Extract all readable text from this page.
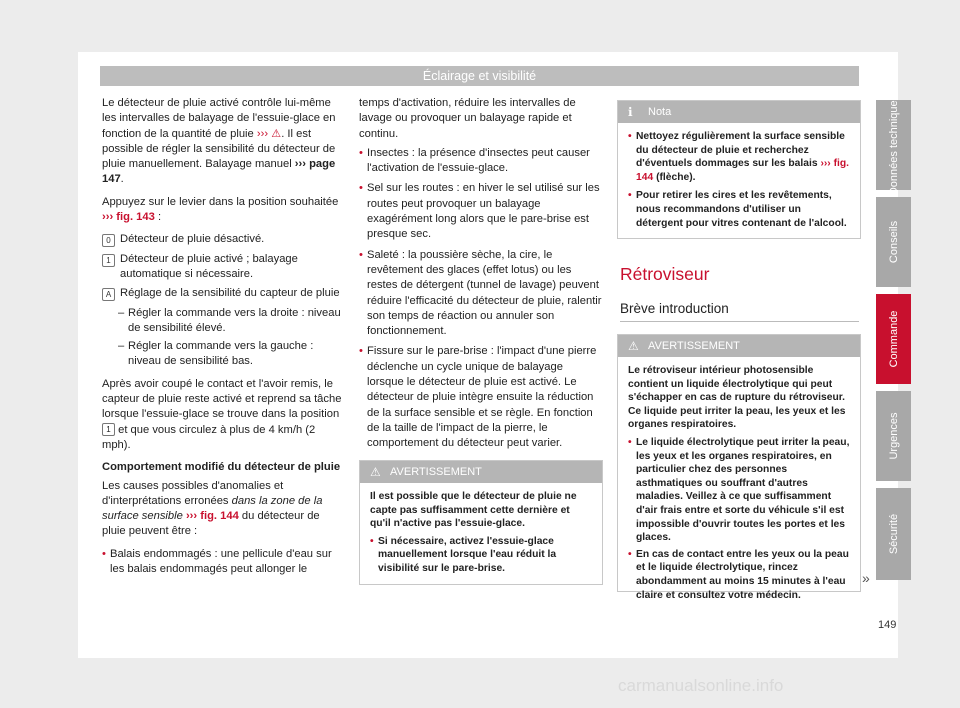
Éclairage et visibilité

Le détecteur de pluie activé contrôle lui-même les intervalles de balayage de l'essuie-glace en fonction de la quantité de pluie ››› ⚠. Il est possible de régler la sensibilité du détecteur de pluie manuellement. Balayage manuel ››› page 147.

Appuyez sur le levier dans la position souhaitée ››› fig. 143 :

0 Détecteur de pluie désactivé.
1 Détecteur de pluie activé ; balayage automatique si nécessaire.
A Réglage de la sensibilité du capteur de pluie
– Régler la commande vers la droite : niveau de sensibilité élevé.
– Régler la commande vers la gauche : niveau de sensibilité bas.

Après avoir coupé le contact et l'avoir remis, le capteur de pluie reste activé et reprend sa tâche lorsque l'essuie-glace se trouve dans la position 1 et que vous circulez à plus de 4 km/h (2 mph).

Comportement modifié du détecteur de pluie

Les causes possibles d'anomalies et d'interprétations erronées dans la zone de la surface sensible ››› fig. 144 du détecteur de pluie peuvent être :

• Balais endommagés : une pellicule d'eau sur les balais endommagés peut allonger le

temps d'activation, réduire les intervalles de lavage ou provoquer un balayage rapide et continu.

• Insectes : la présence d'insectes peut causer l'activation de l'essuie-glace.
• Sel sur les routes : en hiver le sel utilisé sur les routes peut provoquer un balayage exagérément long alors que le pare-brise est presque sec.
• Saleté : la poussière sèche, la cire, le revêtement des glaces (effet lotus) ou les restes de détergent (tunnel de lavage) peuvent réduire l'efficacité du détecteur de pluie, ralentir son temps de réaction ou annuler son fonctionnement.
• Fissure sur le pare-brise : l'impact d'une pierre déclenche un cycle unique de balayage lorsque le détecteur de pluie est activé. Le détecteur de pluie intègre ensuite la réduction de la surface sensible et se règle. En fonction de la taille de l'impact de la pierre, le comportement du détecteur peut varier.
⚠ AVERTISSEMENT

Il est possible que le détecteur de pluie ne capte pas suffisamment cette dernière et qu'il n'active pas l'essuie-glace.

• Si nécessaire, activez l'essuie-glace manuellement lorsque l'eau réduit la visibilité sur le pare-brise.
ℹ Nota
• Nettoyez régulièrement la surface sensible du détecteur de pluie et recherchez d'éventuels dommages sur les balais ››› fig. 144 (flèche).
• Pour retirer les cires et les revêtements, nous recommandons d'utiliser un détergent pour vitres contenant de l'alcool.
Rétroviseur
Brève introduction
⚠ AVERTISSEMENT

Le rétroviseur intérieur photosensible contient un liquide électrolytique qui peut s'échapper en cas de rupture du rétroviseur. Ce liquide peut irriter la peau, les yeux et les organes respiratoires.

• Le liquide électrolytique peut irriter la peau, les yeux et les organes respiratoires, en particulier chez des personnes asthmatiques ou souffrant d'autres maladies. Veillez à ce que suffisamment d'air frais entre et sorte du véhicule s'il est impossible d'ouvrir toutes les portes et les glaces.
• En cas de contact entre les yeux ou la peau et le liquide électrolytique, rincez abondamment au moins 15 minutes à l'eau claire et consultez votre médecin.
»
Données techniques
Conseils
Commande
Urgences
Sécurité
149
carmanualsonline.info
